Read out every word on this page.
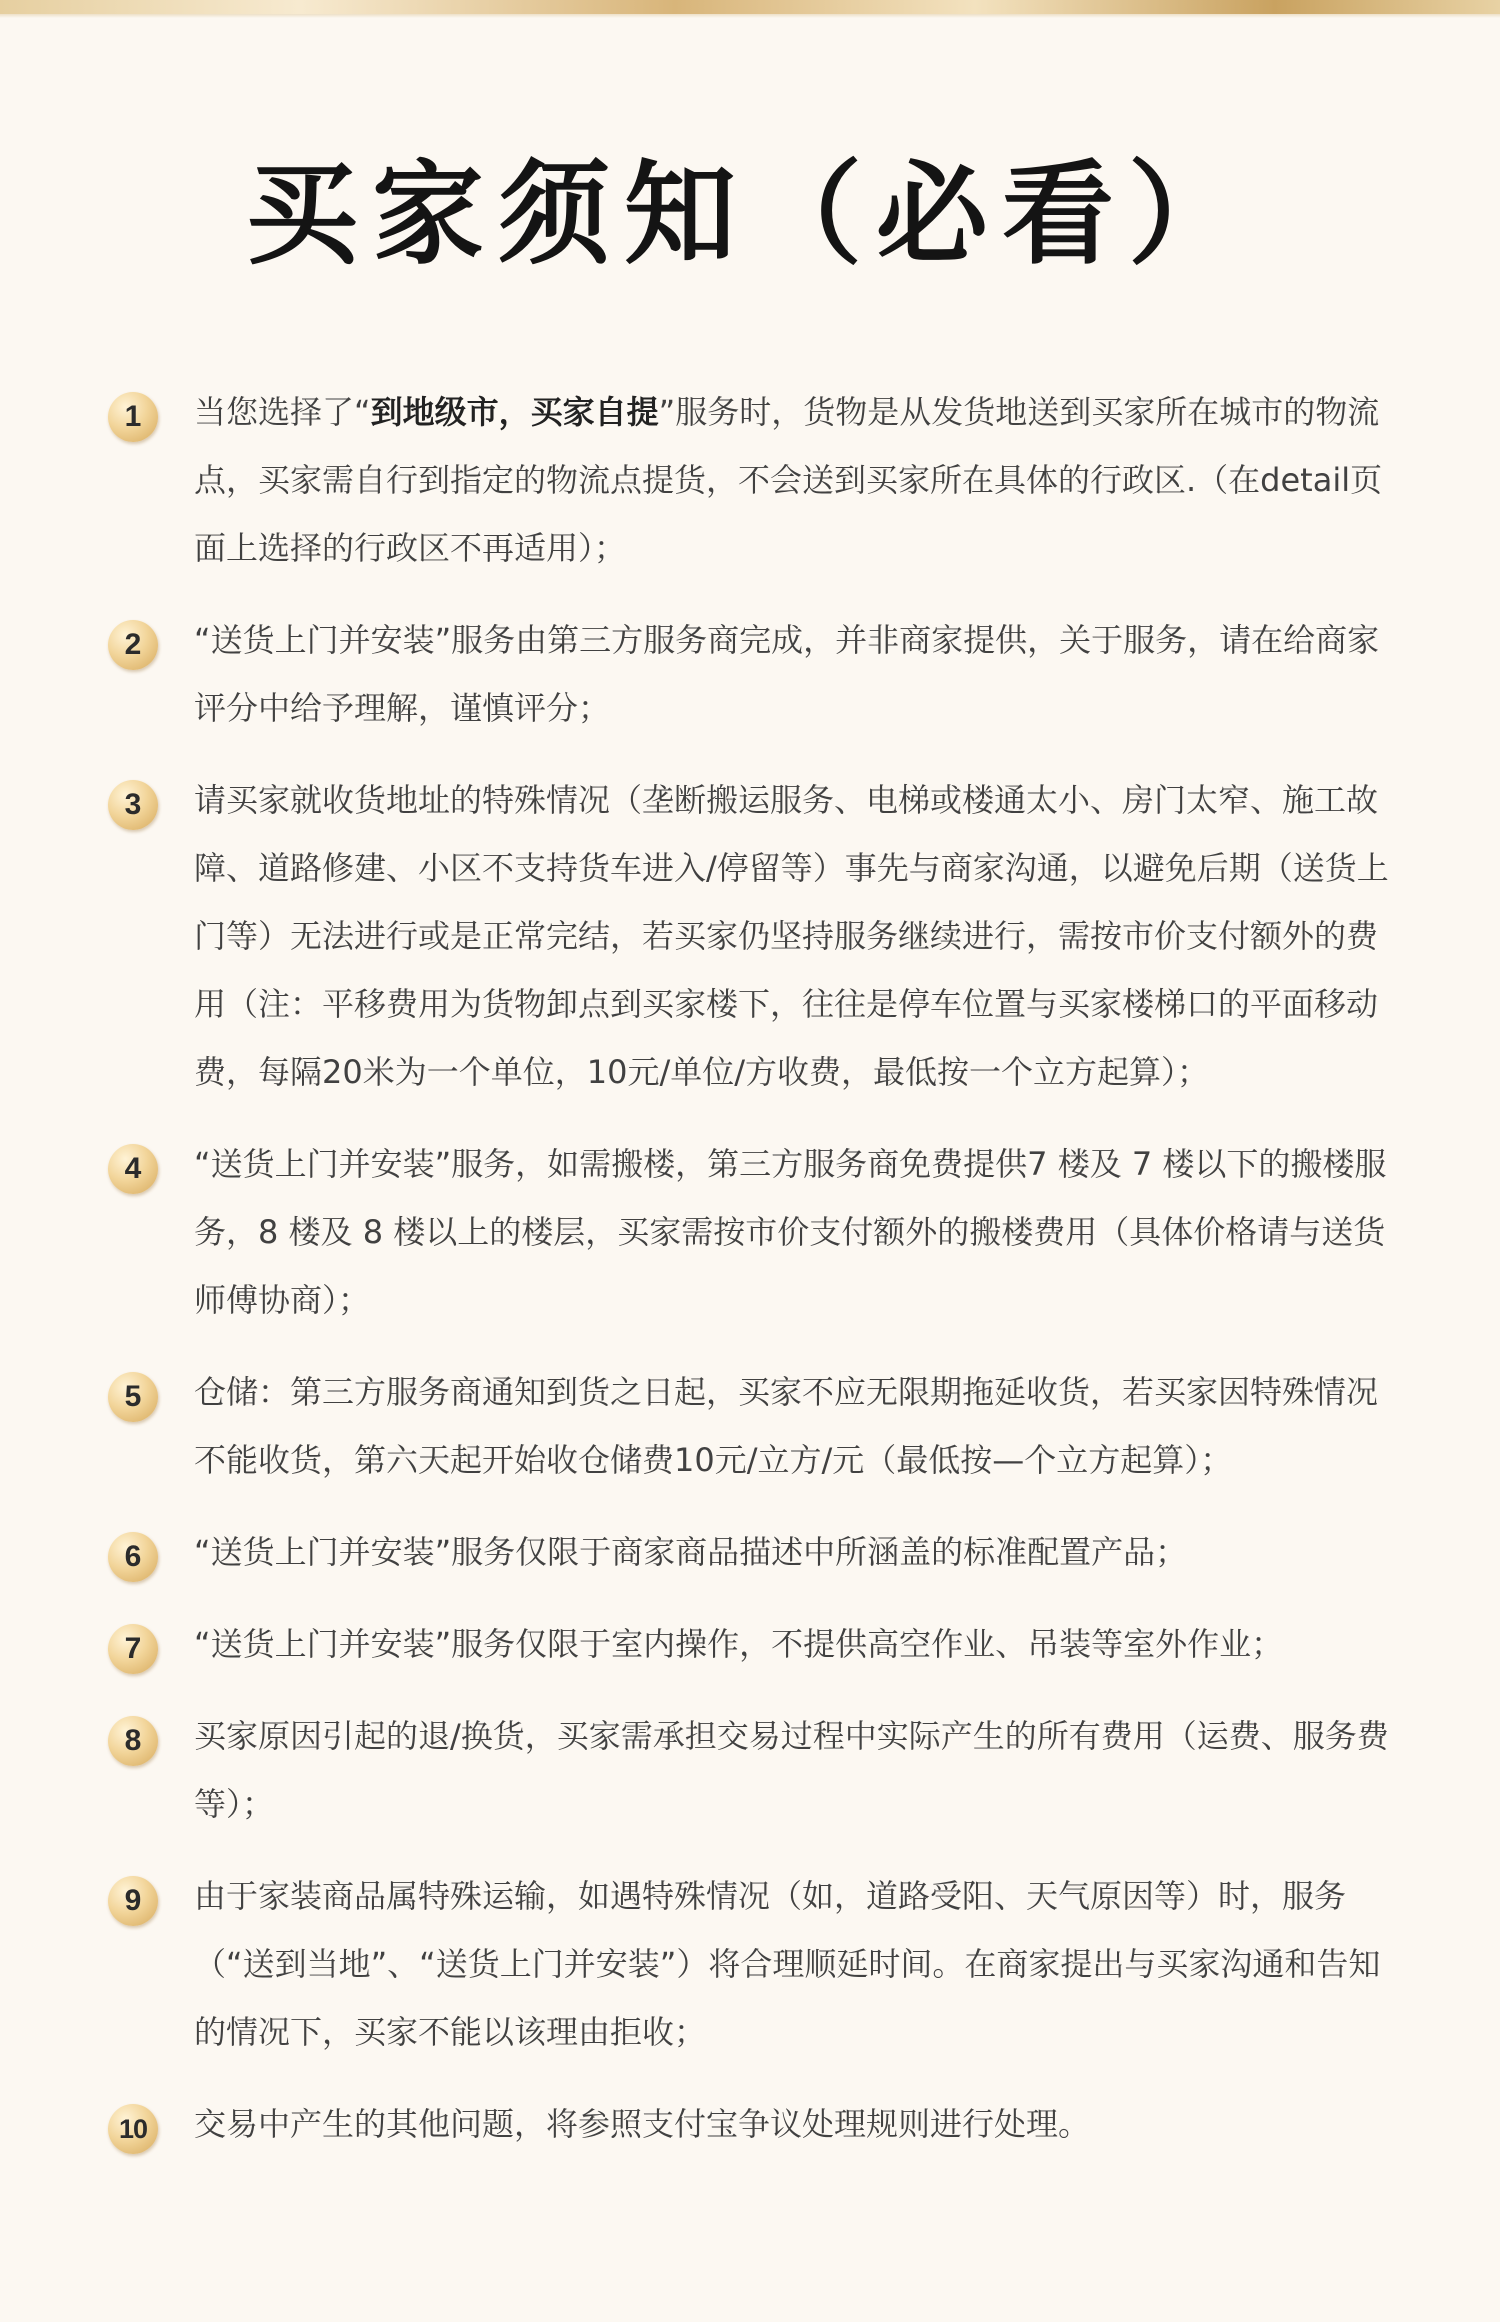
买家须知（必看）
1	当您选择了“到地级市，买家自提”服务时，货物是从发货地送到买家所在城市的物流点，买家需自行到指定的物流点提货，不会送到买家所在具体的行政区.（在detail页面上选择的行政区不再适用）；
2	“送货上门并安装”服务由第三方服务商完成，并非商家提供，关于服务，请在给商家评分中给予理解，谨慎评分；
3	请买家就收货地址的特殊情况（垄断搬运服务、电梯或楼通太小、房门太窄、施工故障、道路修建、小区不支持货车进入/停留等）事先与商家沟通，以避免后期（送货上门等）无法进行或是正常完结，若买家仍坚持服务继续进行，需按市价支付额外的费用（注：平移费用为货物卸点到买家楼下，往往是停车位置与买家楼梯口的平面移动费，每隔20米为一个单位，10元/单位/方收费，最低按一个立方起算）；
4	“送货上门并安装”服务，如需搬楼，第三方服务商免费提供7 楼及 7 楼以下的搬楼服务，8 楼及 8 楼以上的楼层，买家需按市价支付额外的搬楼费用（具体价格请与送货师傅协商）；
5	仓储：第三方服务商通知到货之日起，买家不应无限期拖延收货，若买家因特殊情况不能收货，第六天起开始收仓储费10元/立方/元（最低按—个立方起算）；
6	“送货上门并安装”服务仅限于商家商品描述中所涵盖的标准配置产品；
7	“送货上门并安装”服务仅限于室内操作，不提供高空作业、吊装等室外作业；
8	买家原因引起的退/换货，买家需承担交易过程中实际产生的所有费用（运费、服务费等）；
9	由于家装商品属特殊运输，如遇特殊情况（如，道路受阳、天气原因等）时，服务（“送到当地”、“送货上门并安装”）将合理顺延时间。在商家提出与买家沟通和告知的情况下，买家不能以该理由拒收；
10	交易中产生的其他问题，将参照支付宝争议处理规则进行处理。
